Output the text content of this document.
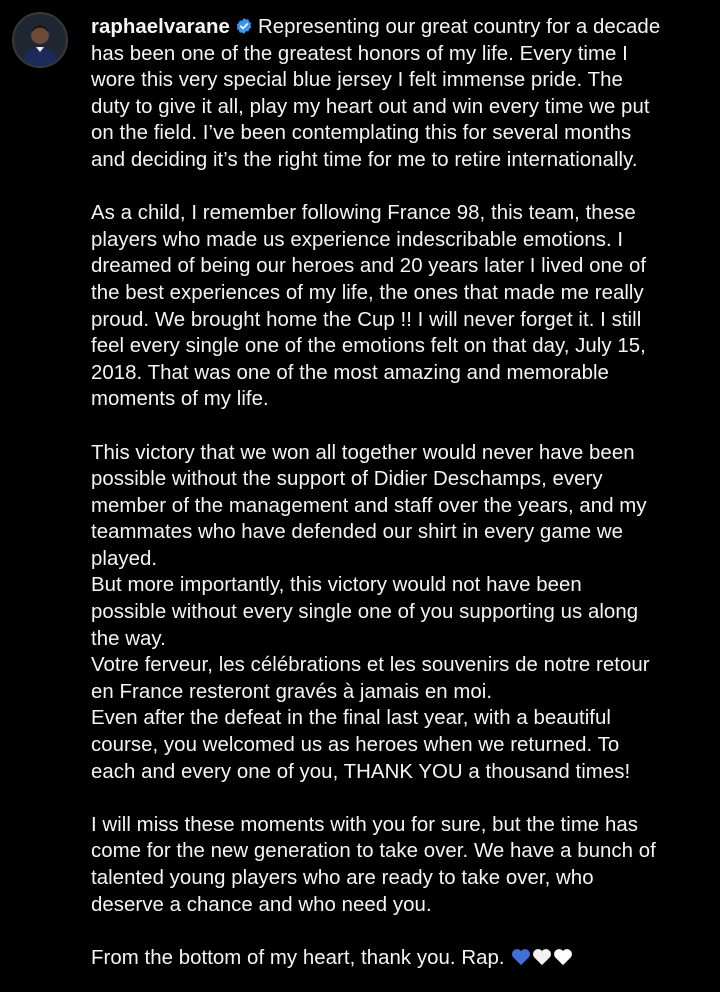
raphaelvarane Representing our great country for a decade

has been one of the greatest honors of my life. Every time I

wore this very special blue jersey I felt immense pride. The

duty to give it all, play my heart out and win every time we put

on the field. I’ve been contemplating this for several months

and deciding it’s the right time for me to retire internationally.

As a child, I remember following France 98, this team, these

players who made us experience indescribable emotions. I

dreamed of being our heroes and 20 years later I lived one of

the best experiences of my life, the ones that made me really

proud. We brought home the Cup !! I will never forget it. I still

feel every single one of the emotions felt on that day, July 15,

2018. That was one of the most amazing and memorable

moments of my life.

This victory that we won all together would never have been

possible without the support of Didier Deschamps, every

member of the management and staff over the years, and my

teammates who have defended our shirt in every game we

played.

But more importantly, this victory would not have been

possible without every single one of you supporting us along

the way.

Votre ferveur, les célébrations et les souvenirs de notre retour

en France resteront gravés à jamais en moi.

Even after the defeat in the final last year, with a beautiful

course, you welcomed us as heroes when we returned. To

each and every one of you, THANK YOU a thousand times!

I will miss these moments with you for sure, but the time has

come for the new generation to take over. We have a bunch of

talented young players who are ready to take over, who

deserve a chance and who need you.

From the bottom of my heart, thank you. Rap.
